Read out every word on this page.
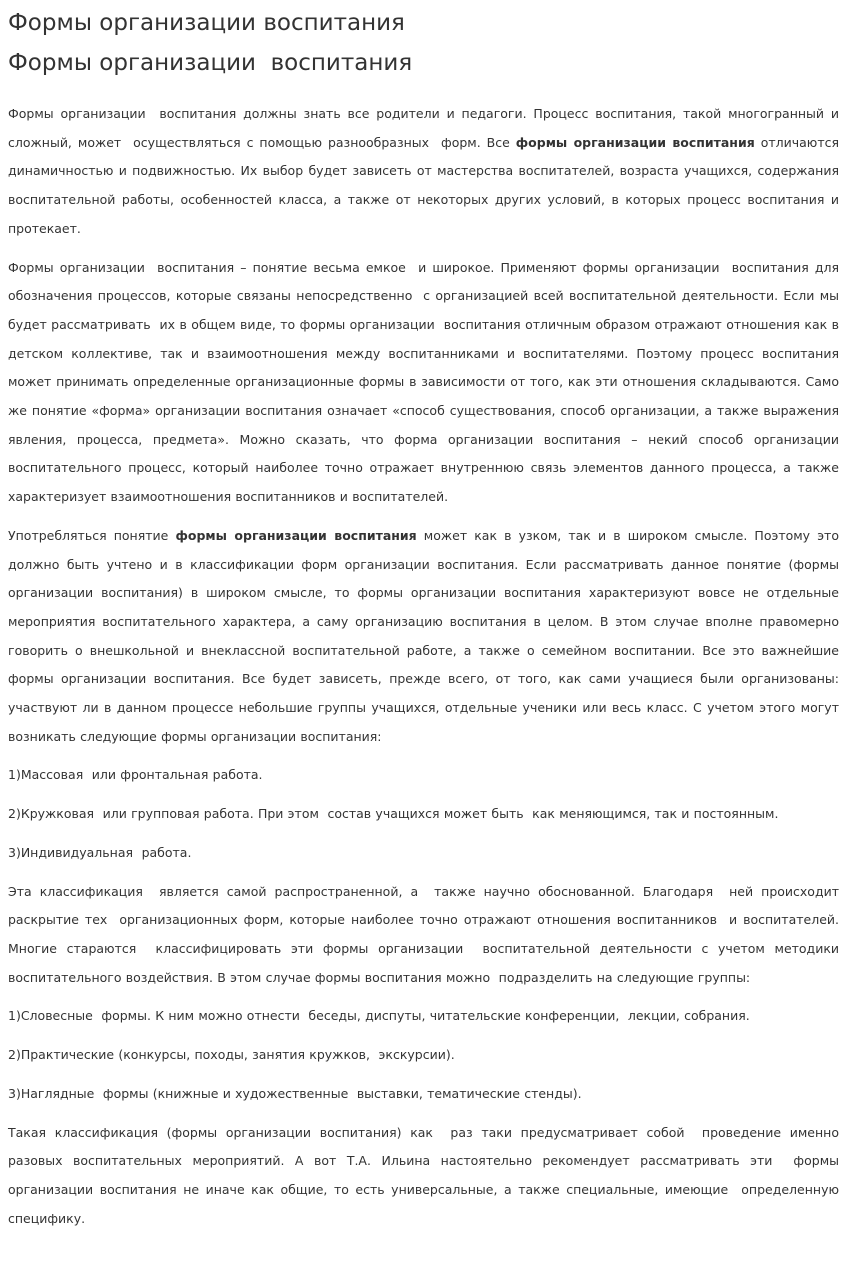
Формы организации воспитания
Формы организации  воспитания

Формы организации  воспитания должны знать все родители и педагоги. Процесс воспитания, такой многогранный и сложный, может  осуществляться с помощью разнообразных  форм. Все формы организации воспитания отличаются динамичностью и подвижностью. Их выбор будет зависеть от мастерства воспитателей, возраста учащихся, содержания воспитательной работы, особенностей класса, а также от некоторых других условий, в которых процесс воспитания и протекает.

Формы организации  воспитания – понятие весьма емкое  и широкое. Применяют формы организации  воспитания для обозначения процессов, которые связаны непосредственно  с организацией всей воспитательной деятельности. Если мы будет рассматривать  их в общем виде, то формы организации  воспитания отличным образом отражают отношения как в детском коллективе, так и взаимоотношения между воспитанниками и воспитателями. Поэтому процесс воспитания может принимать определенные организационные формы в зависимости от того, как эти отношения складываются. Само же понятие «форма» организации воспитания означает «способ существования, способ организации, а также выражения явления, процесса, предмета». Можно сказать, что форма организации воспитания – некий способ организации воспитательного процесс, который наиболее точно отражает внутреннюю связь элементов данного процесса, а также характеризует взаимоотношения воспитанников и воспитателей.

Употребляться понятие формы организации воспитания может как в узком, так и в широком смысле. Поэтому это должно быть учтено и в классификации форм организации воспитания. Если рассматривать данное понятие (формы организации воспитания) в широком смысле, то формы организации воспитания характеризуют вовсе не отдельные мероприятия воспитательного характера, а саму организацию воспитания в целом. В этом случае вполне правомерно говорить о внешкольной и внеклассной воспитательной работе, а также о семейном воспитании. Все это важнейшие формы организации воспитания. Все будет зависеть, прежде всего, от того, как сами учащиеся были организованы: участвуют ли в данном процессе небольшие группы учащихся, отдельные ученики или весь класс. С учетом этого могут возникать следующие формы организации воспитания:

1)Массовая  или фронтальная работа.

2)Кружковая  или групповая работа. При этом  состав учащихся может быть  как меняющимся, так и постоянным.

3)Индивидуальная  работа.

Эта классификация  является самой распространенной, а  также научно обоснованной. Благодаря  ней происходит раскрытие тех  организационных форм, которые наиболее точно отражают отношения воспитанников  и воспитателей. Многие стараются  классифицировать эти формы организации  воспитательной деятельности с учетом методики воспитательного воздействия. В этом случае формы воспитания можно  подразделить на следующие группы:

1)Словесные  формы. К ним можно отнести  беседы, диспуты, читательские конференции,  лекции, собрания.

2)Практические (конкурсы, походы, занятия кружков,  экскурсии).

3)Наглядные  формы (книжные и художественные  выставки, тематические стенды).

Такая классификация (формы организации воспитания) как  раз таки предусматривает собой  проведение именно разовых воспитательных мероприятий. А вот Т.А. Ильина настоятельно рекомендует рассматривать эти  формы организации воспитания не иначе как общие, то есть универсальные, а также специальные, имеющие  определенную специфику.
